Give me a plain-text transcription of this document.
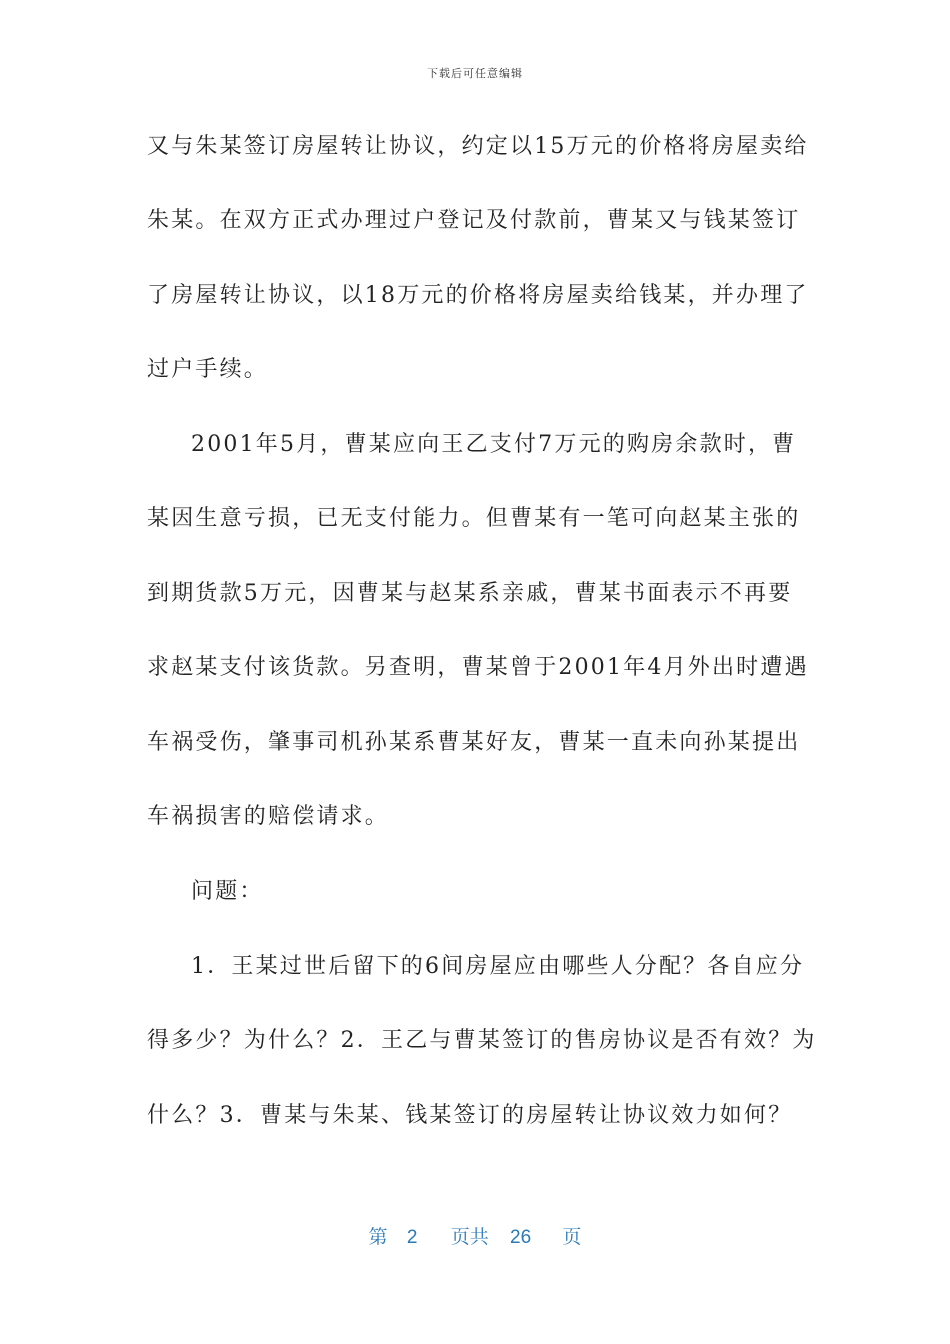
下载后可任意编辑
又与朱某签订房屋转让协议，约定以15万元的价格将房屋卖给
朱某。在双方正式办理过户登记及付款前，曹某又与钱某签订
了房屋转让协议，以18万元的价格将房屋卖给钱某，并办理了
过户手续。
2001年5月，曹某应向王乙支付7万元的购房余款时，曹
某因生意亏损，已无支付能力。但曹某有一笔可向赵某主张的
到期货款5万元，因曹某与赵某系亲戚，曹某书面表示不再要
求赵某支付该货款。另查明，曹某曾于2001年4月外出时遭遇
车祸受伤，肇事司机孙某系曹某好友，曹某一直未向孙某提出
车祸损害的赔偿请求。
问题：
1．王某过世后留下的6间房屋应由哪些人分配？各自应分
得多少？为什么？2．王乙与曹某签订的售房协议是否有效？为
什么？3．曹某与朱某、钱某签订的房屋转让协议效力如何？
第 2 页共 26 页
